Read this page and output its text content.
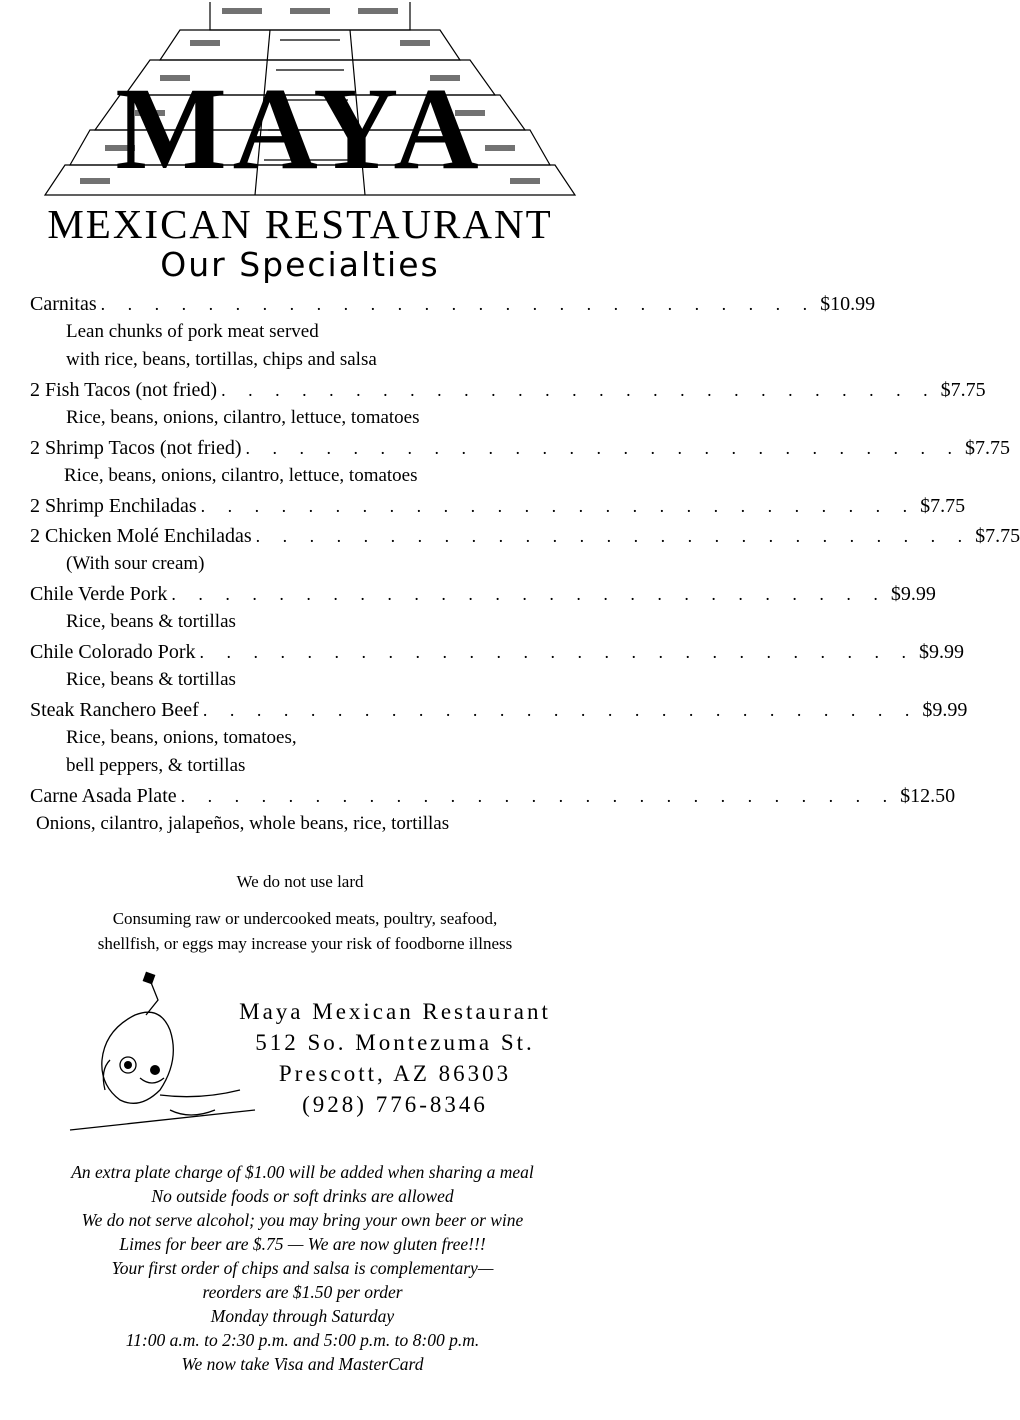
MAYA
MEXICAN RESTAURANT
Our Specialties
Carnitas . . . . . . . . . . . . . . . . . . . . . . . . . . . $10.99
Lean chunks of pork meat served
with rice, beans, tortillas, chips and salsa
2 Fish Tacos (not fried) . . . . . . . . . . . . . . . . . . . . . . . . . . . $7.75
Rice, beans, onions, cilantro, lettuce, tomatoes
2 Shrimp Tacos (not fried) . . . . . . . . . . . . . . . . . . . . . . . . . . . $7.75
Rice, beans, onions, cilantro, lettuce, tomatoes
2 Shrimp Enchiladas . . . . . . . . . . . . . . . . . . . . . . . . . . . $7.75
2 Chicken Molé Enchiladas . . . . . . . . . . . . . . . . . . . . . . . . . . . $7.75
(With sour cream)
Chile Verde Pork . . . . . . . . . . . . . . . . . . . . . . . . . . . $9.99
Rice, beans & tortillas
Chile Colorado Pork . . . . . . . . . . . . . . . . . . . . . . . . . . . $9.99
Rice, beans & tortillas
Steak Ranchero Beef . . . . . . . . . . . . . . . . . . . . . . . . . . . $9.99
Rice, beans, onions, tomatoes,
bell peppers, & tortillas
Carne Asada Plate . . . . . . . . . . . . . . . . . . . . . . . . . . . $12.50
Onions, cilantro, jalapeños, whole beans, rice, tortillas
We do not use lard
Consuming raw or undercooked meats, poultry, seafood,
shellfish, or eggs may increase your risk of foodborne illness
Maya Mexican Restaurant
512 So. Montezuma St.
Prescott, AZ 86303
(928) 776-8346
An extra plate charge of $1.00 will be added when sharing a meal
No outside foods or soft drinks are allowed
We do not serve alcohol; you may bring your own beer or wine
Limes for beer are $.75 — We are now gluten free!!!
Your first order of chips and salsa is complementary—
reorders are $1.50 per order
Monday through Saturday
11:00 a.m. to 2:30 p.m. and 5:00 p.m. to 8:00 p.m.
We now take Visa and MasterCard
